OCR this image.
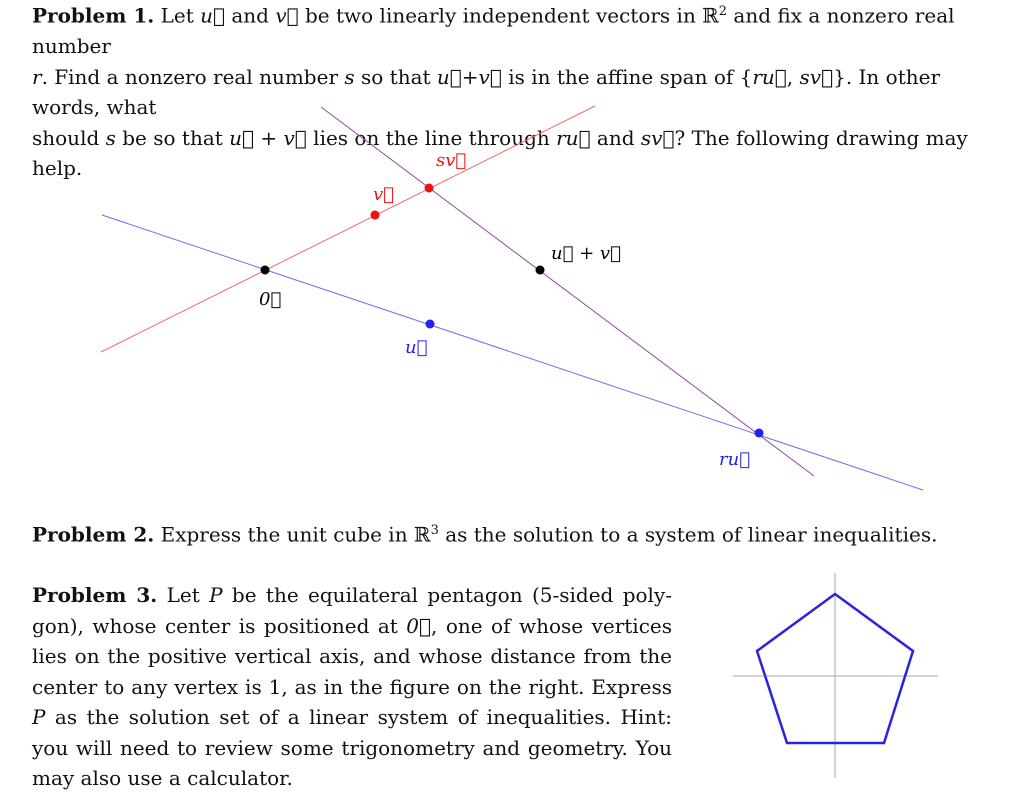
Problem 1. Let u⃗ and v⃗ be two linearly independent vectors in ℝ$^2$ and fix a nonzero real number
r. Find a nonzero real number s so that u⃗+v⃗ is in the affine span of {ru⃗, sv⃗}. In other words, what
should s be so that u⃗ + v⃗ lies on the line through ru⃗ and sv⃗? The following drawing may help.	sv⃗
v⃗
u⃗ + v⃗
0⃗
u⃗
ru⃗

Problem 2. Express the unit cube in ℝ$^3$ as the solution to a system of linear inequalities.

Problem 3. Let P be the equilateral pentagon (5-sided poly- gon), whose center is positioned at 0⃗, one of whose vertices lies on the positive vertical axis, and whose distance from the center to any vertex is 1, as in the figure on the right. Express P as the solution set of a linear system of inequalities. Hint: you will need to review some trigonometry and geometry. You may also use a calculator.
